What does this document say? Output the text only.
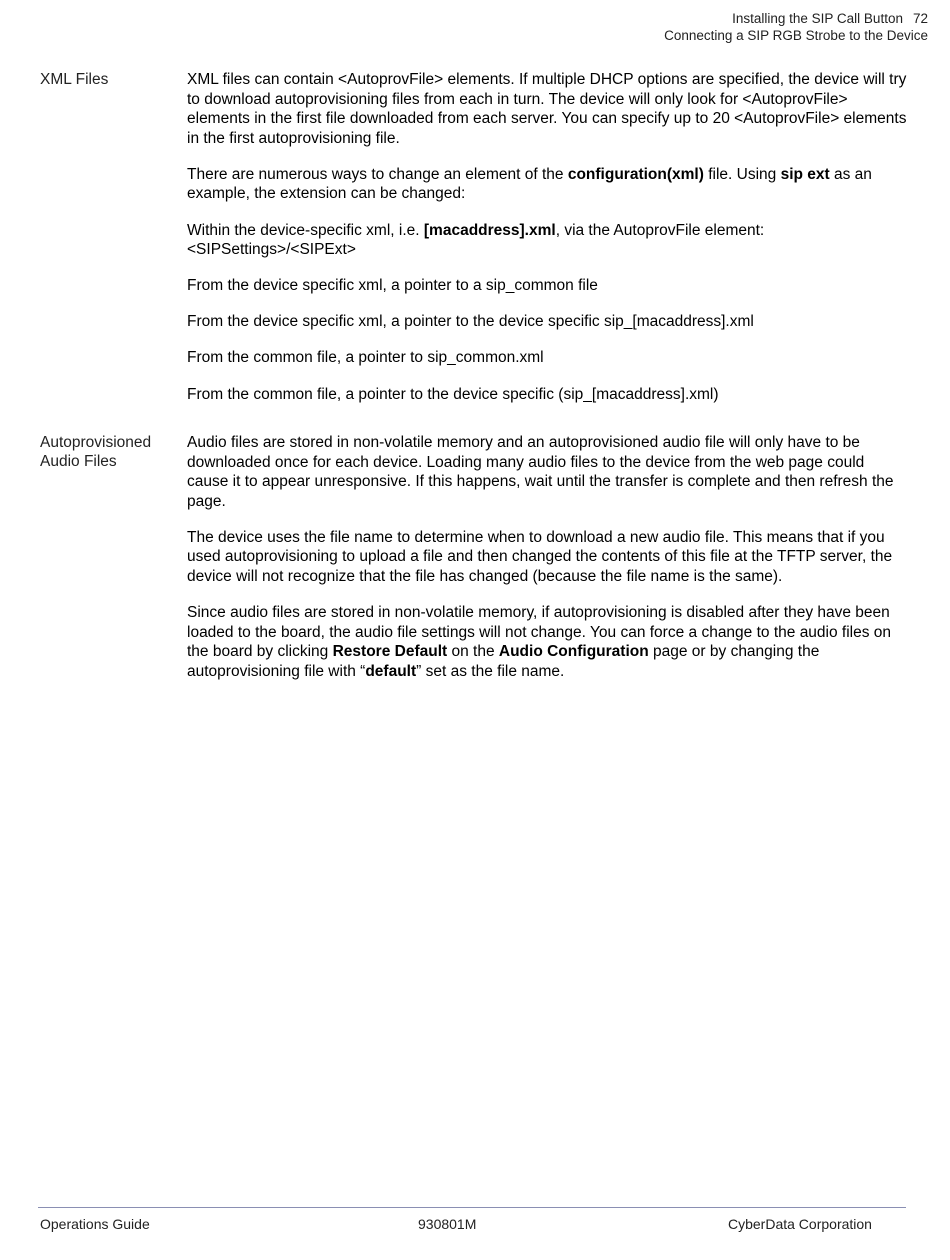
Installing the SIP Call Button 72
Connecting a SIP RGB Strobe to the Device
XML Files	XML files can contain <AutoprovFile> elements. If multiple DHCP options are specified, the device will try to download autoprovisioning files from each in turn. The device will only look for <AutoprovFile> elements in the first file downloaded from each server. You can specify up to 20 <AutoprovFile> elements in the first autoprovisioning file.

There are numerous ways to change an element of the configuration(xml) file. Using sip ext as an example, the extension can be changed:

Within the device-specific xml, i.e. [macaddress].xml, via the AutoprovFile element:<SIPSettings>/<SIPExt>

From the device specific xml, a pointer to a sip_common file

From the device specific xml, a pointer to the device specific sip_[macaddress].xml

From the common file, a pointer to sip_common.xml

From the common file, a pointer to the device specific (sip_[macaddress].xml)

Autoprovisioned Audio Files

Audio files are stored in non-volatile memory and an autoprovisioned audio file will only have to be downloaded once for each device. Loading many audio files to the device from the web page could cause it to appear unresponsive. If this happens, wait until the transfer is complete and then refresh the page.

The device uses the file name to determine when to download a new audio file. This means that if you used autoprovisioning to upload a file and then changed the contents of this file at the TFTP server, the device will not recognize that the file has changed (because the file name is the same).

Since audio files are stored in non-volatile memory, if autoprovisioning is disabled after they have been loaded to the board, the audio file settings will not change. You can force a change to the audio files on the board by clicking Restore Default on the Audio Configuration page or by changing the autoprovisioning file with “default” set as the file name.

Operations Guide	930801M	CyberData Corporation
